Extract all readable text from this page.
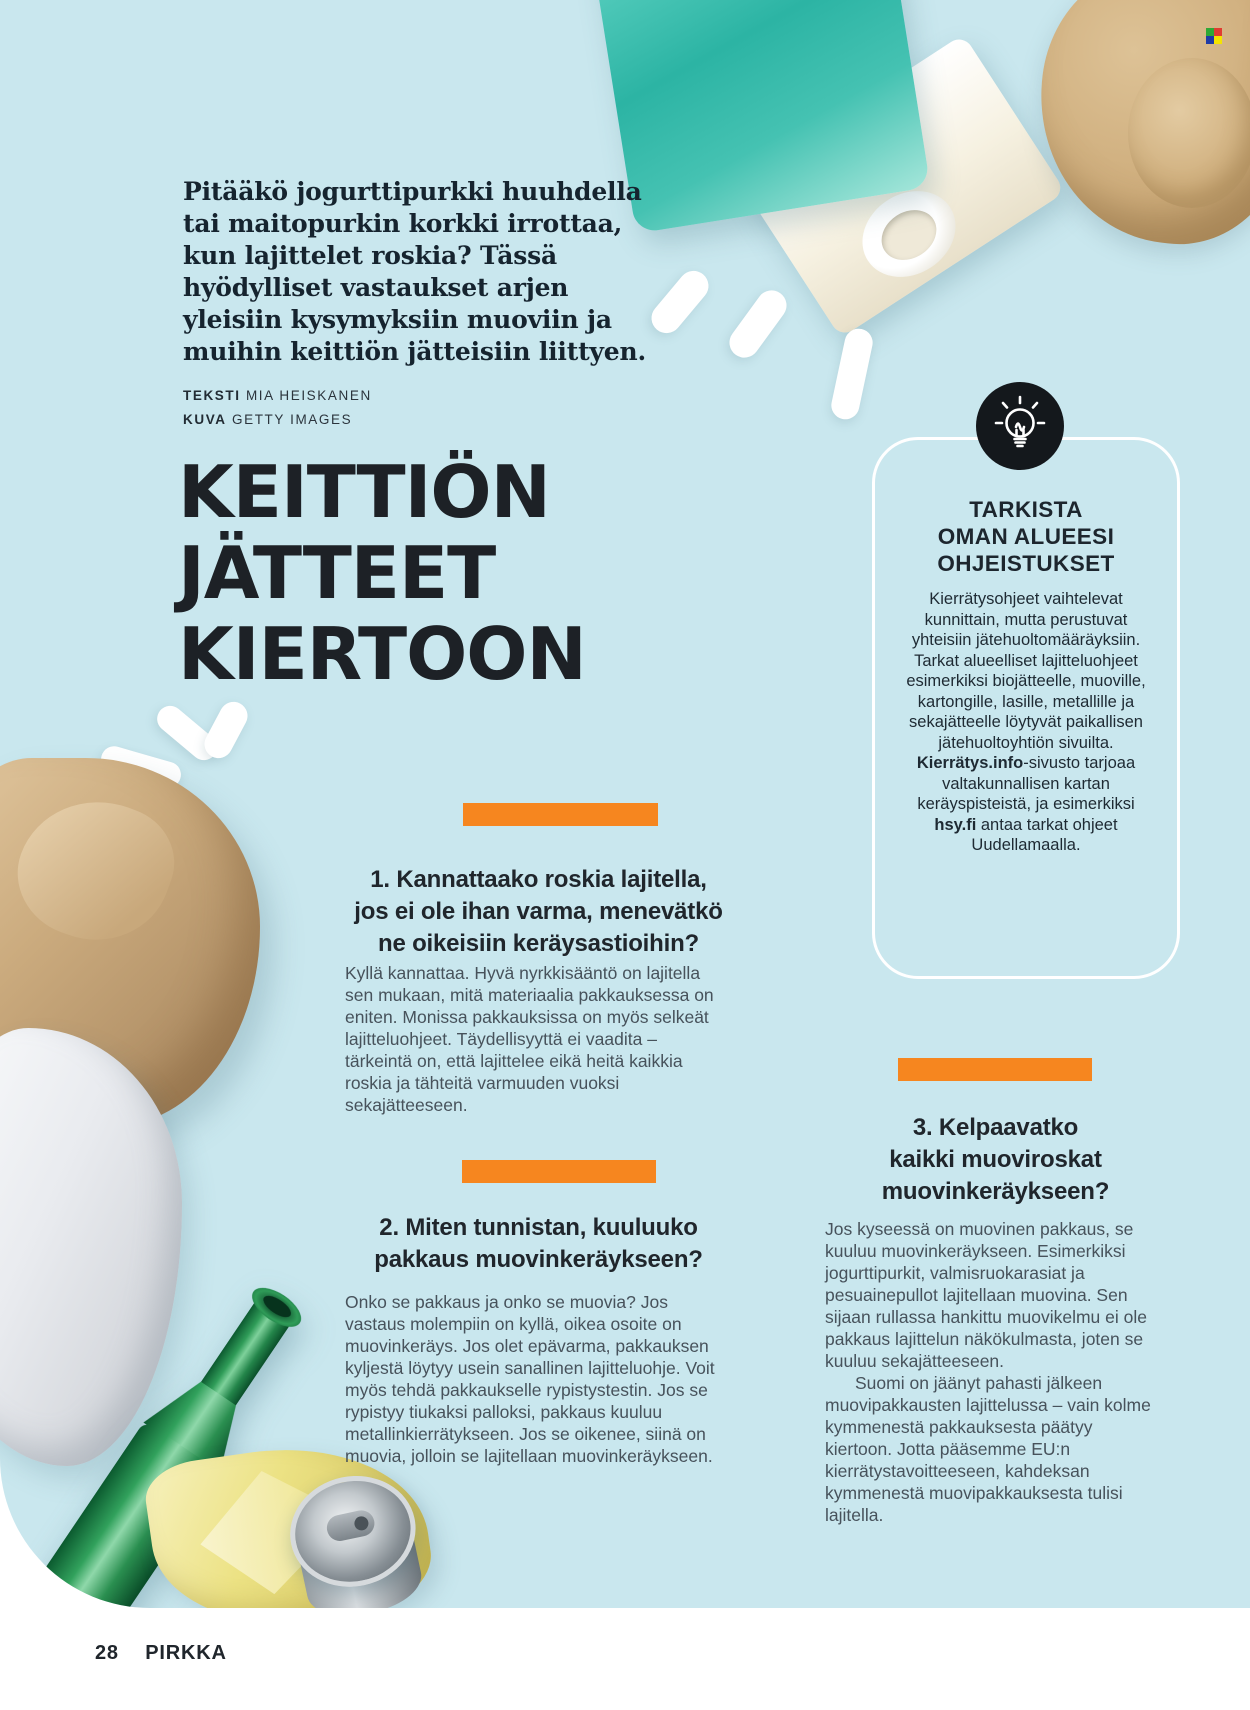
Pitääkö jogurttipurkki huuhdella tai maitopurkin korkki irrottaa, kun lajittelet roskia? Tässä hyödylliset vastaukset arjen yleisiin kysymyksiin muoviin ja muihin keittiön jätteisiin liittyen.
TEKSTI MIA HEISKANEN
KUVA GETTY IMAGES
KEITTIÖN
JÄTTEET
KIERTOON
TARKISTA
OMAN ALUEESI
OHJEISTUKSET
Kierrätysohjeet vaihtelevat kunnittain, mutta perustuvat yhteisiin jätehuoltomääräyksiin. Tarkat alueelliset lajitteluohjeet esimerkiksi biojätteelle, muoville, kartongille, lasille, metallille ja sekajätteelle löytyvät paikallisen jätehuoltoyhtiön sivuilta. Kierrätys.info-sivusto tarjoaa valtakunnallisen kartan keräyspisteistä, ja esimerkiksi hsy.fi antaa tarkat ohjeet Uudellamaalla.
1. Kannattaako roskia lajitella,
jos ei ole ihan varma, menevätkö
ne oikeisiin keräysastioihin?

Kyllä kannattaa. Hyvä nyrkkisääntö on lajitella sen mukaan, mitä materiaalia pakkauksessa on eniten. Monissa pakkauksissa on myös selkeät lajitteluohjeet. Täydellisyyttä ei vaadita – tärkeintä on, että lajittelee eikä heitä kaikkia roskia ja tähteitä varmuuden vuoksi sekajätteeseen.

2. Miten tunnistan, kuuluuko
pakkaus muovinkeräykseen?

Onko se pakkaus ja onko se muovia? Jos vastaus molempiin on kyllä, oikea osoite on muovinkeräys. Jos olet epävarma, pakkauksen kyljestä löytyy usein sanallinen lajitteluohje. Voit myös tehdä pakkaukselle rypistystestin. Jos se rypistyy tiukaksi palloksi, pakkaus kuuluu metallinkierrätykseen. Jos se oikenee, siinä on muovia, jolloin se lajitellaan muovinkeräykseen.

3. Kelpaavatko
kaikki muoviroskat
muovinkeräykseen?

Jos kyseessä on muovinen pakkaus, se kuuluu muovinkeräykseen. Esimerkiksi jogurttipurkit, valmisruokarasiat ja pesuainepullot lajitellaan muovina. Sen sijaan rullassa hankittu muovikelmu ei ole pakkaus lajittelun näkökulmasta, joten se kuuluu sekajätteeseen.

Suomi on jäänyt pahasti jälkeen muovipakkausten lajittelussa – vain kolme kymmenestä pakkauksesta päätyy kiertoon. Jotta pääsemme EU:n kierrätystavoitteeseen, kahdeksan kymmenestä muovipakkauksesta tulisi lajitella.

28 PIRKKA
